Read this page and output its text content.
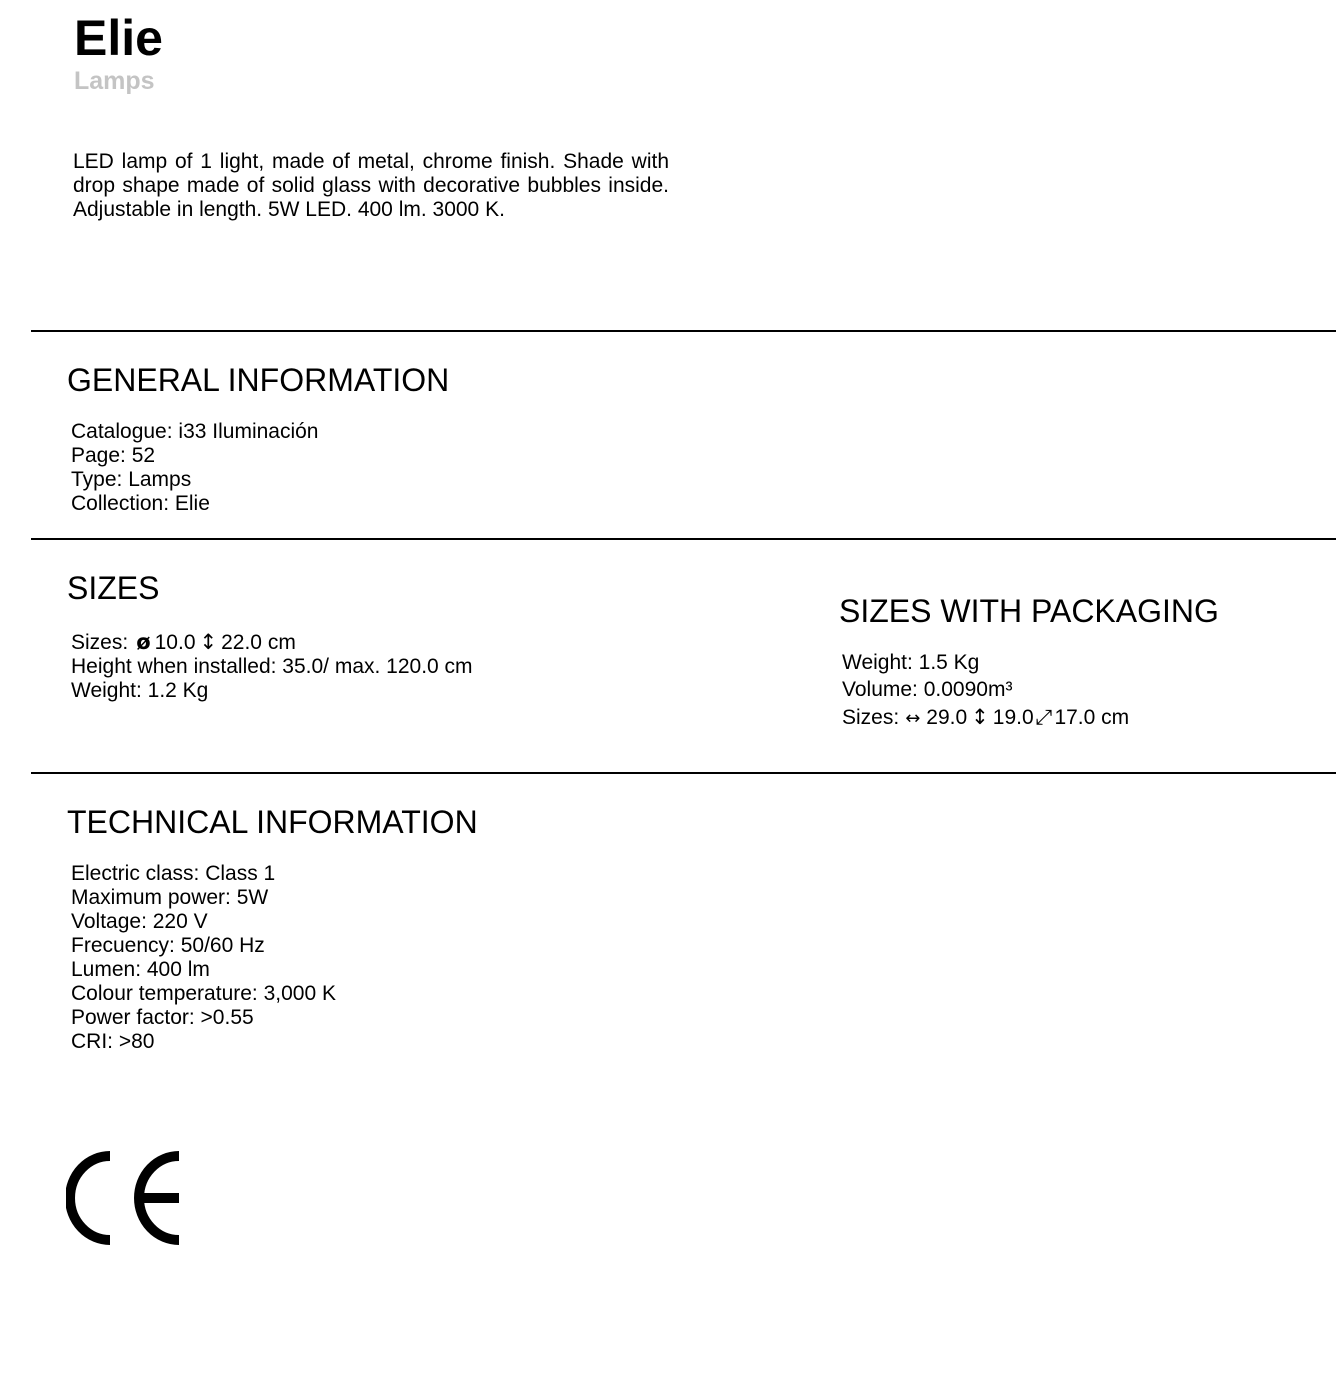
Elie
Lamps

LED lamp of 1 light, made of metal, chrome finish. Shade with drop shape made of solid glass with decorative bubbles inside. Adjustable in length. 5W LED. 400 lm. 3000 K.

GENERAL INFORMATION
Catalogue: i33 Iluminación
Page: 52
Type: Lamps
Collection: Elie
SIZES
Sizes: ø 10.0 ↕ 22.0 cm
Height when installed: 35.0/ max. 120.0 cm
Weight: 1.2 Kg
SIZES WITH PACKAGING
Weight: 1.5 Kg
Volume: 0.0090m³
Sizes: ↔ 29.0 ↕ 19.0⤢17.0 cm
TECHNICAL INFORMATION
Electric class: Class 1
Maximum power: 5W
Voltage: 220 V
Frecuency: 50/60 Hz
Lumen: 400 lm
Colour temperature: 3,000 K
Power factor: >0.55
CRI: >80
